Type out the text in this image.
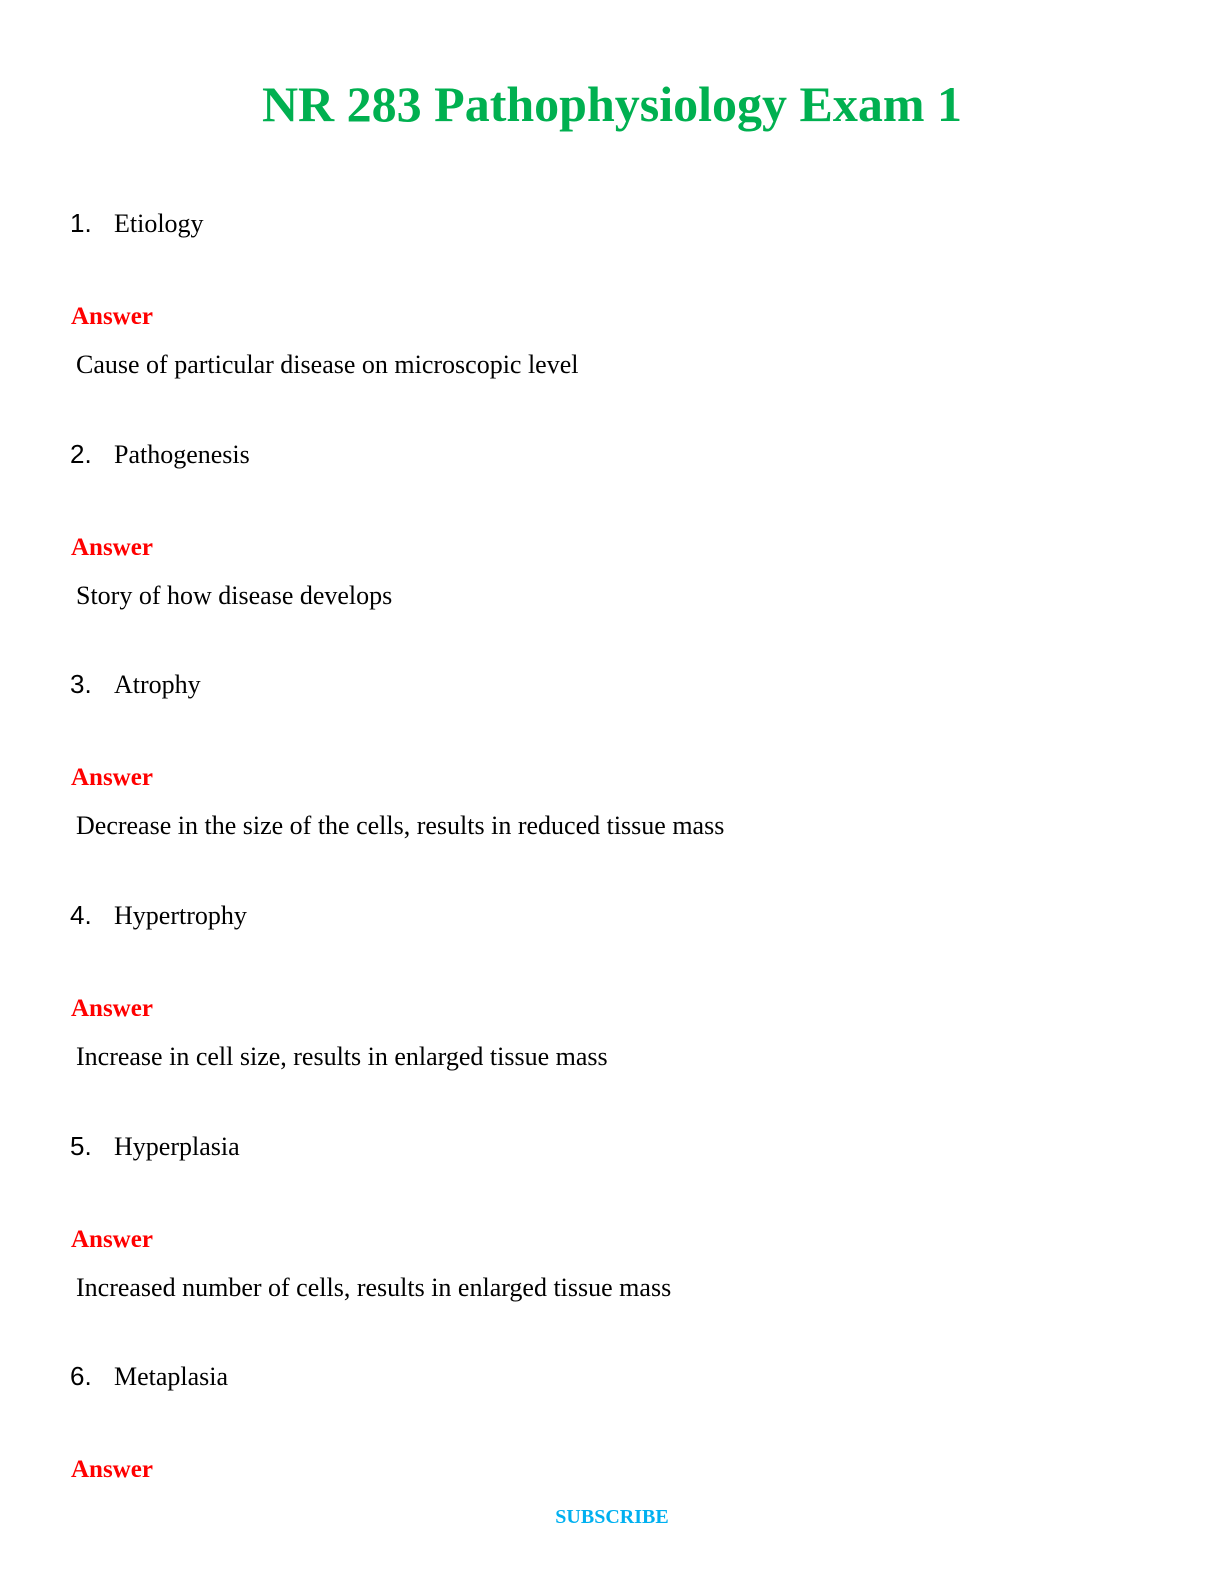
NR 283 Pathophysiology Exam 1
1. Etiology
Answer
Cause of particular disease on microscopic level
2. Pathogenesis
Answer
Story of how disease develops
3. Atrophy
Answer
Decrease in the size of the cells, results in reduced tissue mass
4. Hypertrophy
Answer
Increase in cell size, results in enlarged tissue mass
5. Hyperplasia
Answer
Increased number of cells, results in enlarged tissue mass
6. Metaplasia
Answer
SUBSCRIBE
